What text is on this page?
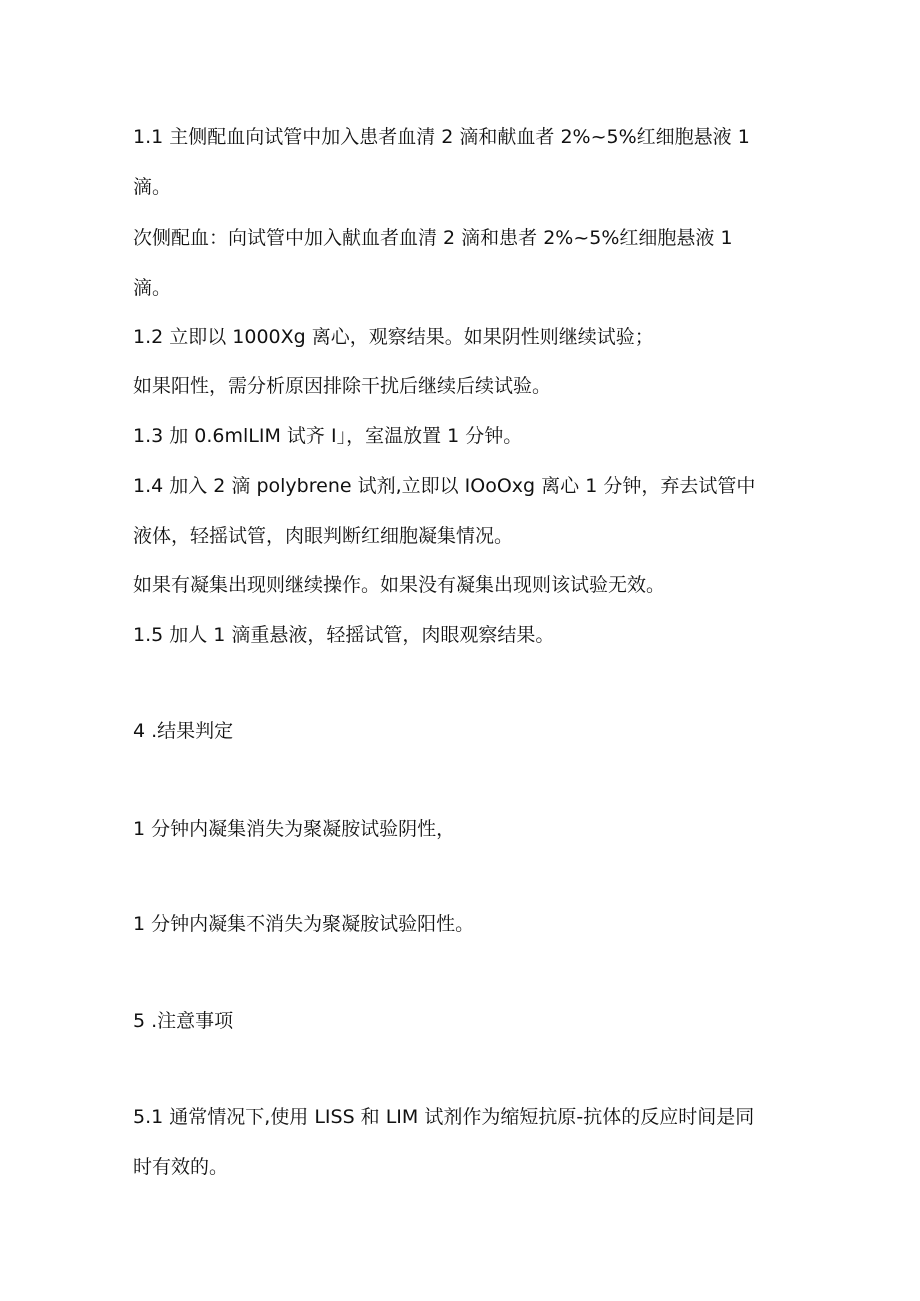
1.1 主侧配血向试管中加入患者血清 2 滴和献血者 2%~5%红细胞悬液 1
滴。
次侧配血：向试管中加入献血者血清 2 滴和患者 2%~5%红细胞悬液 1
滴。
1.2 立即以 1000Xg 离心，观察结果。如果阴性则继续试验；
如果阳性，需分析原因排除干扰后继续后续试验。
1.3 加 0.6mlLIM 试齐 I」，室温放置 1 分钟。
1.4 加入 2 滴 polybrene 试剂,立即以 IOoOxg 离心 1 分钟，弃去试管中
液体，轻摇试管，肉眼判断红细胞凝集情况。
如果有凝集出现则继续操作。如果没有凝集出现则该试验无效。
1.5 加人 1 滴重悬液，轻摇试管，肉眼观察结果。
4 .结果判定
1 分钟内凝集消失为聚凝胺试验阴性，
1 分钟内凝集不消失为聚凝胺试验阳性。
5 .注意事项
5.1 通常情况下,使用 LISS 和 LIM 试剂作为缩短抗原-抗体的反应时间是同
时有效的。
